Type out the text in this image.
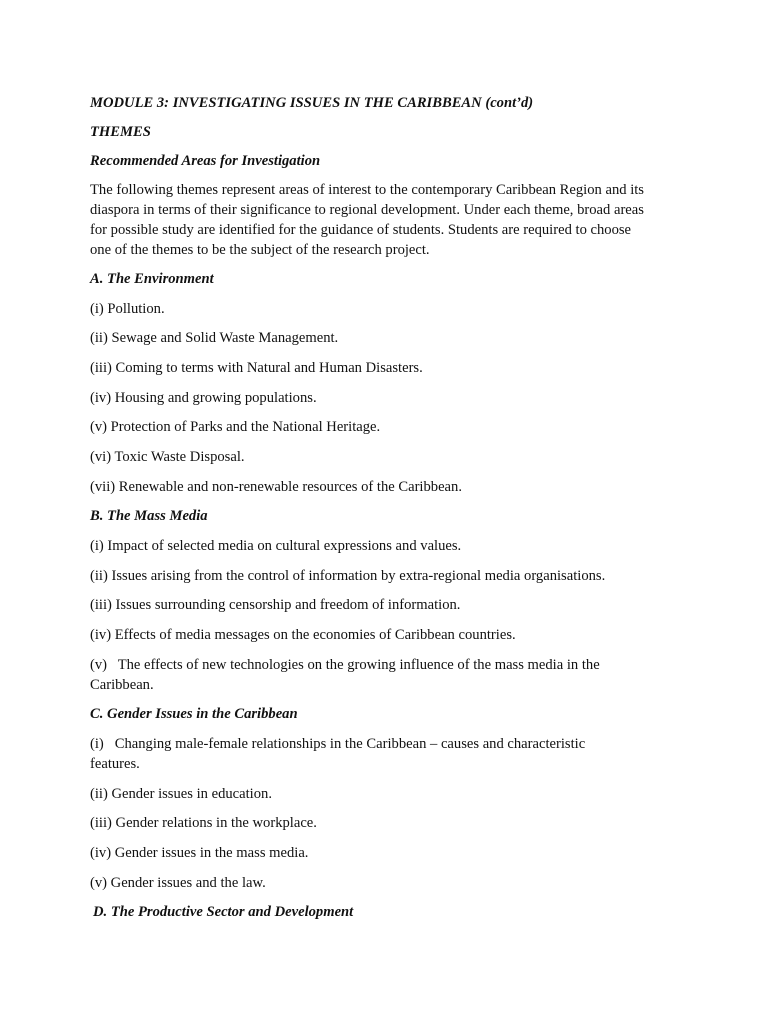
MODULE 3: INVESTIGATING ISSUES IN THE CARIBBEAN (cont’d)
THEMES
Recommended Areas for Investigation
The following themes represent areas of interest to the contemporary Caribbean Region and its diaspora in terms of their significance to regional development. Under each theme, broad areas for possible study are identified for the guidance of students. Students are required to choose one of the themes to be the subject of the research project.
A. The Environment
(i) Pollution.
(ii) Sewage and Solid Waste Management.
(iii) Coming to terms with Natural and Human Disasters.
(iv) Housing and growing populations.
(v) Protection of Parks and the National Heritage.
(vi) Toxic Waste Disposal.
(vii) Renewable and non-renewable resources of the Caribbean.
B. The Mass Media
(i) Impact of selected media on cultural expressions and values.
(ii) Issues arising from the control of information by extra-regional media organisations.
(iii) Issues surrounding censorship and freedom of information.
(iv) Effects of media messages on the economies of Caribbean countries.
(v)   The effects of new technologies on the growing influence of the mass media in the Caribbean.
C. Gender Issues in the Caribbean
(i)   Changing male-female relationships in the Caribbean – causes and characteristic features.
(ii) Gender issues in education.
(iii) Gender relations in the workplace.
(iv) Gender issues in the mass media.
(v) Gender issues and the law.
D. The Productive Sector and Development
